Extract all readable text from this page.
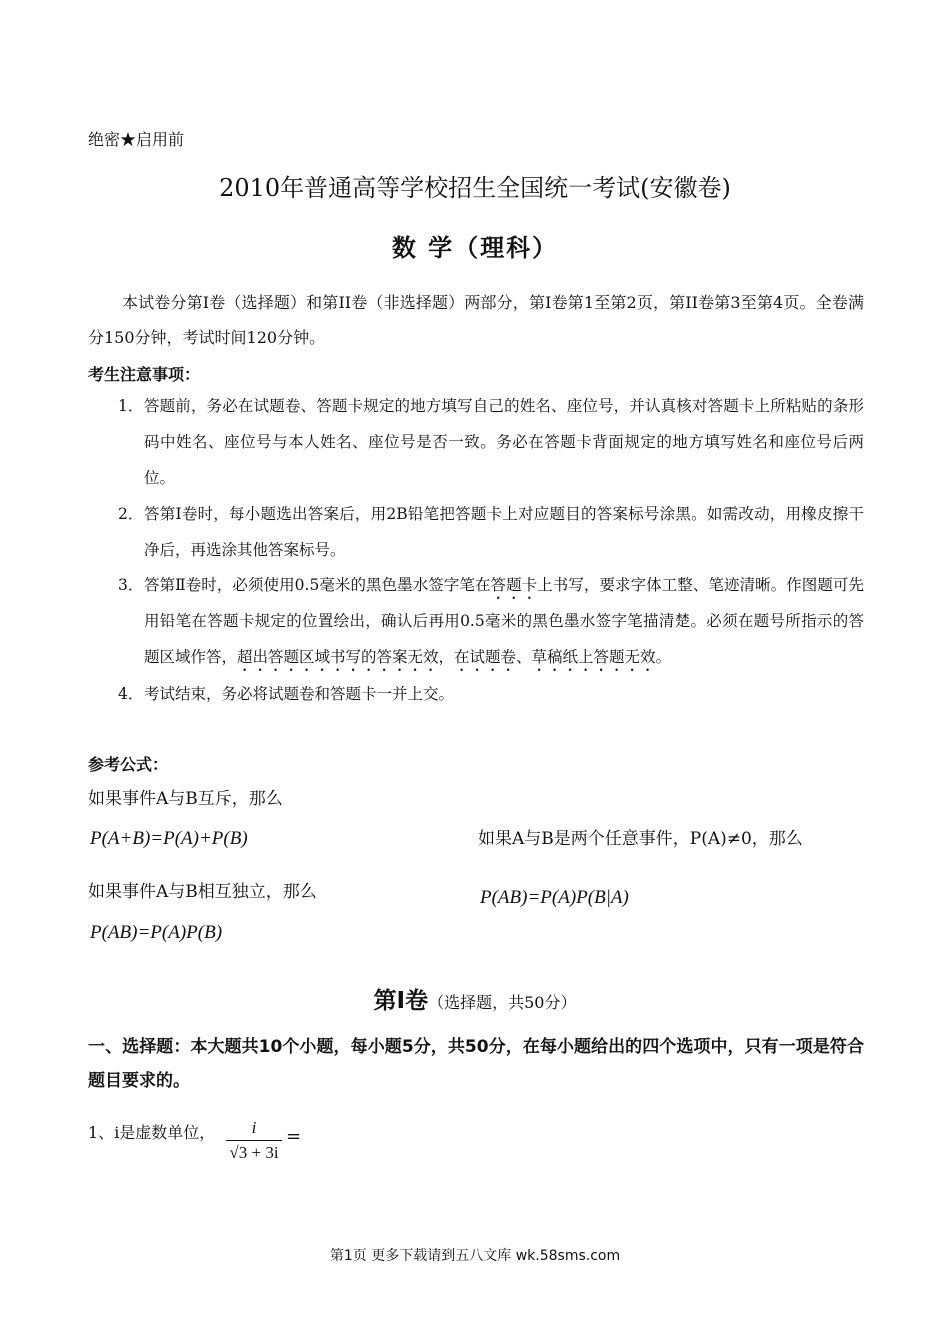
绝密★启用前
2010年普通高等学校招生全国统一考试(安徽卷)
数 学（理科）
本试卷分第I卷（选择题）和第II卷（非选择题）两部分，第I卷第1至第2页，第II卷第3至第4页。全卷满分150分钟，考试时间120分钟。
考生注意事项：
1． 答题前，务必在试题卷、答题卡规定的地方填写自己的姓名、座位号，并认真核对答题卡上所粘贴的条形码中姓名、座位号与本人姓名、座位号是否一致。务必在答题卡背面规定的地方填写姓名和座位号后两位。
2． 答第Ⅰ卷时，每小题选出答案后，用2B铅笔把答题卡上对应题目的答案标号涂黑。如需改动，用橡皮擦干净后，再选涂其他答案标号。
3． 答第Ⅱ卷时，必须使用0.5毫米的黑色墨水签字笔在答题卡上书写，要求字体工整、笔迹清晰。作图题可先用铅笔在答题卡规定的位置绘出，确认后再用0.5毫米的黑色墨水签字笔描清楚。必须在题号所指示的答题区域作答，超出答题区域书写的答案无效，在试题卷、草稿纸上答题无效。
4． 考试结束，务必将试题卷和答题卡一并上交。
参考公式：
如果事件A与B互斥，那么
P(A+B)=P(A)+P(B)
如果事件A与B相互独立，那么
P(AB)=P(A)P(B)
如果A与B是两个任意事件，P(A)≠0，那么
P(AB)=P(A)P(B|A)
第Ⅰ卷（选择题，共50分）
一、选择题：本大题共10个小题，每小题5分，共50分，在每小题给出的四个选项中，只有一项是符合题目要求的。
1、i是虚数单位，	i
√3 + 3i
=
第1页 更多下载请到五八文库 wk.58sms.com
